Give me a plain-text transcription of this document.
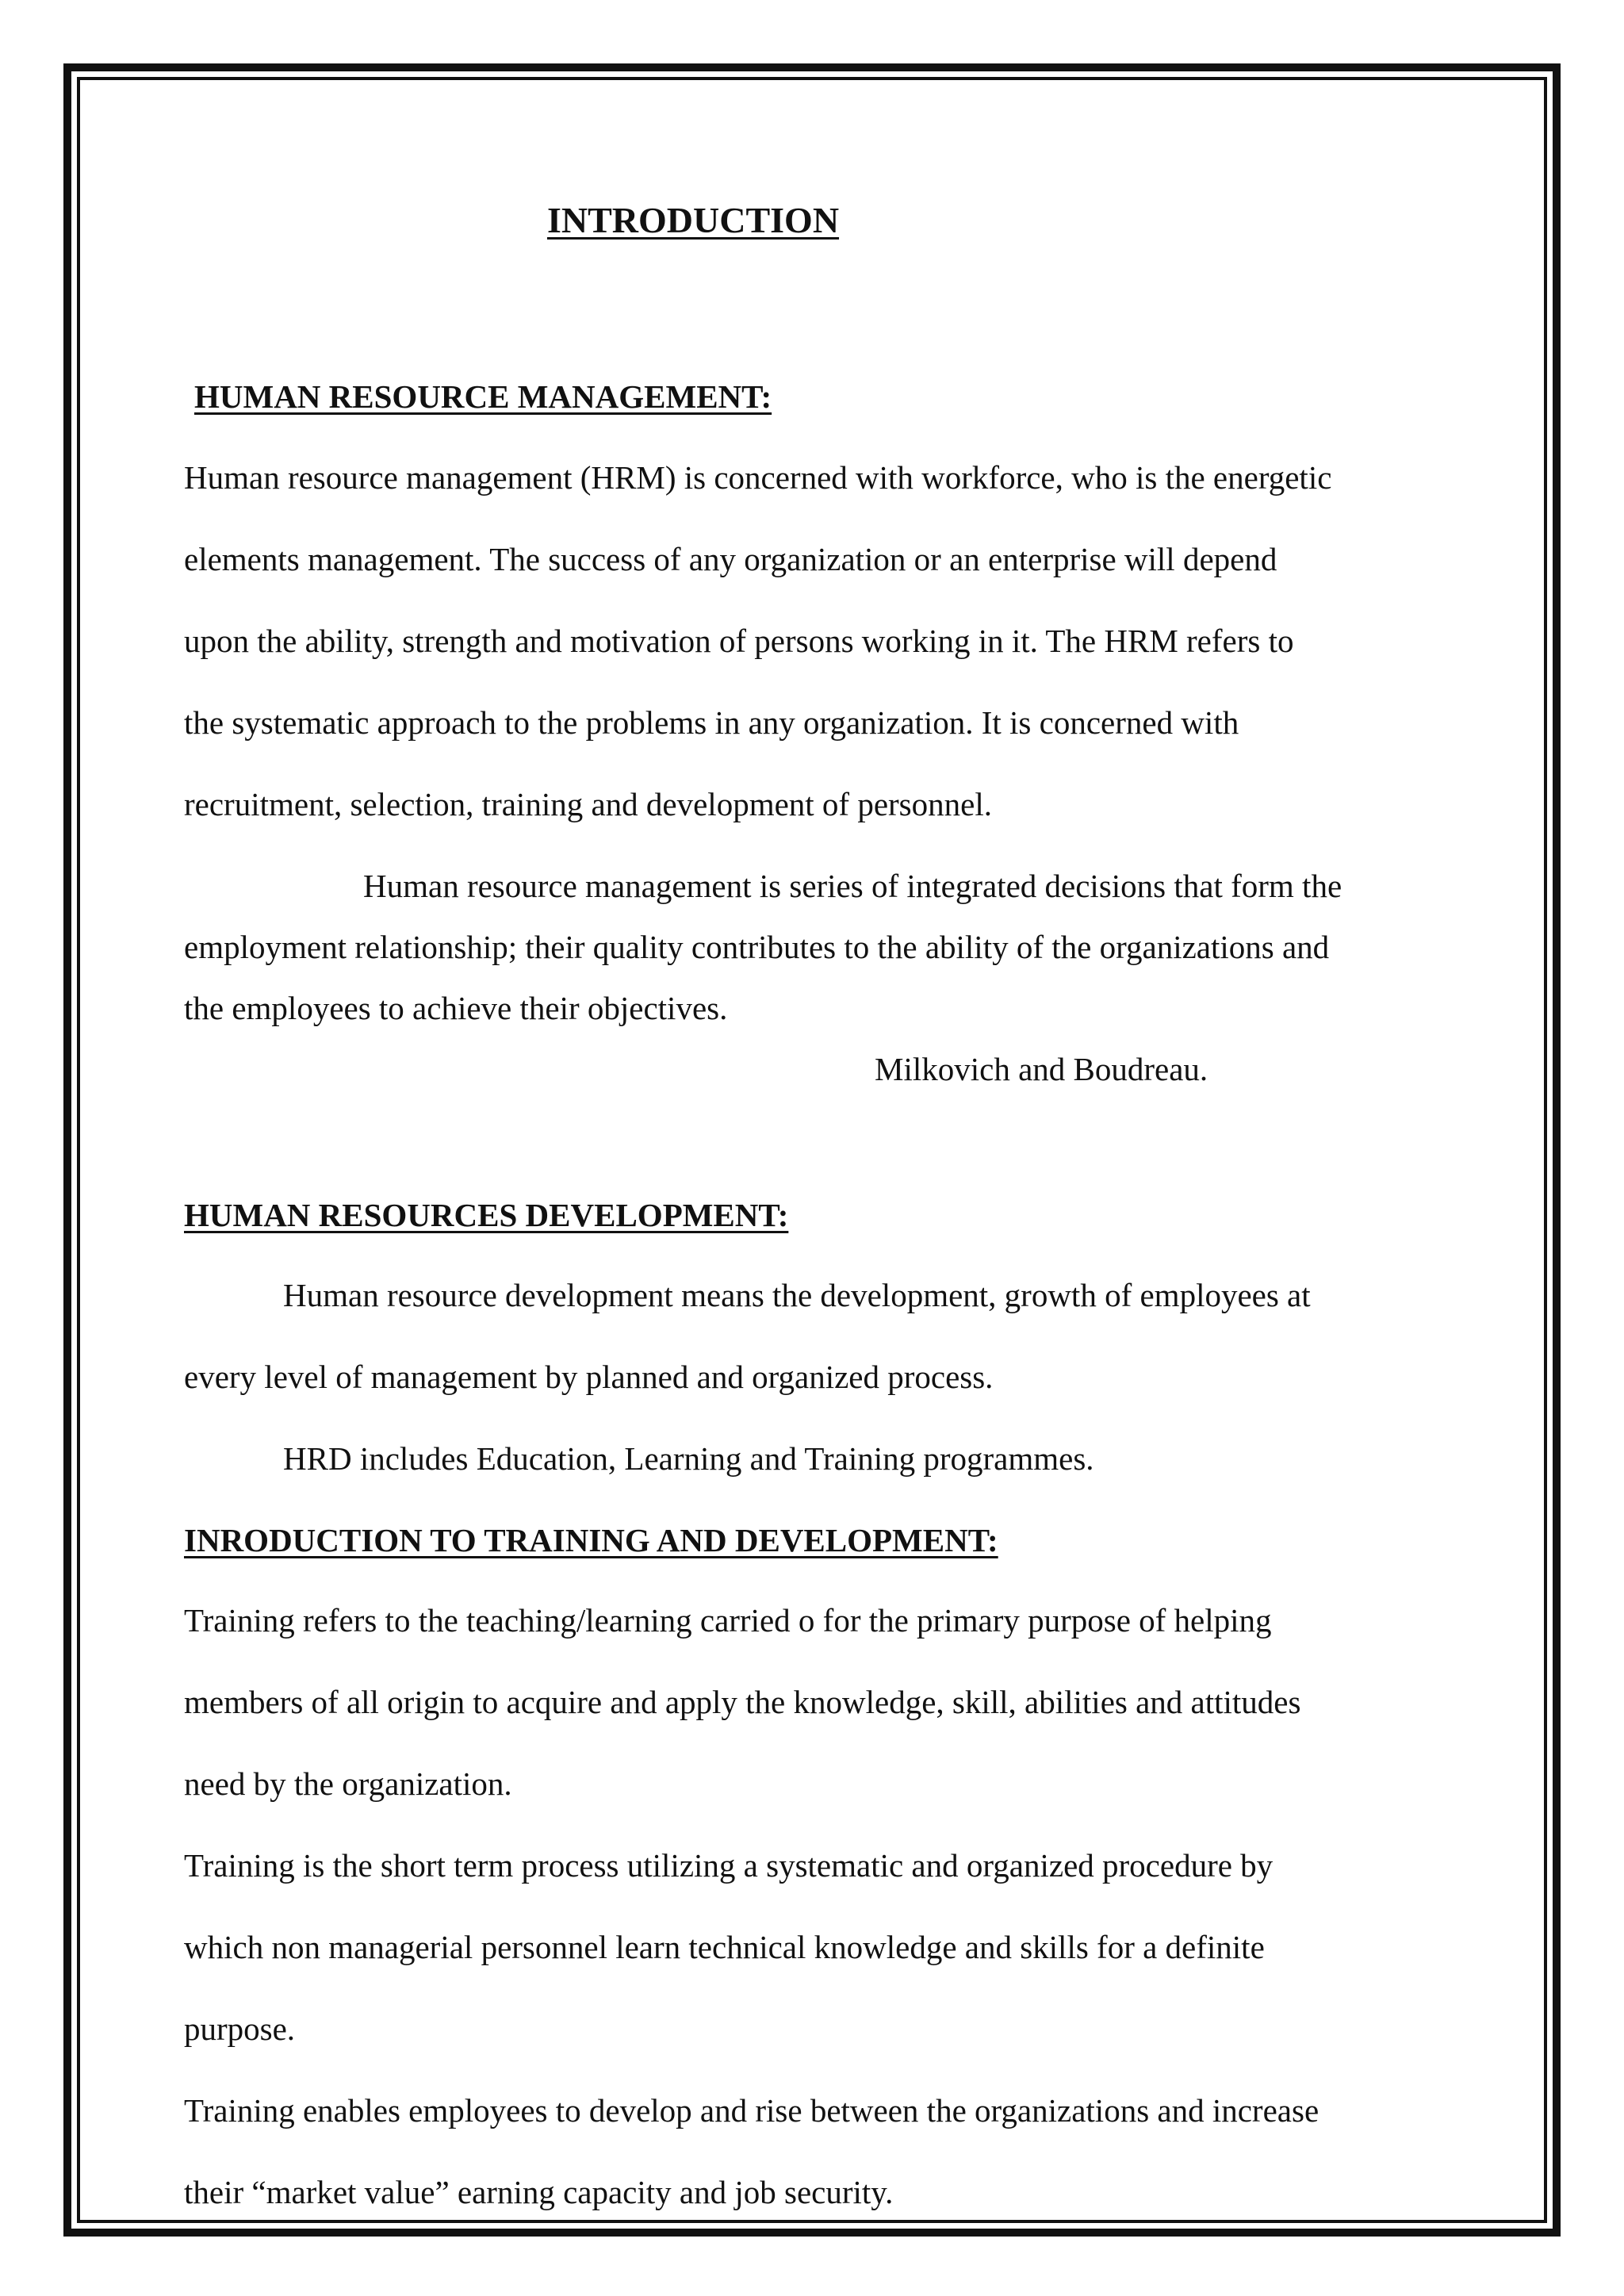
INTRODUCTION
HUMAN RESOURCE MANAGEMENT:

Human resource management (HRM) is concerned with workforce, who is the energetic

elements management. The success of any organization or an enterprise will depend

upon the ability, strength and motivation of persons working in it. The HRM refers to

the systematic approach to the problems in any organization. It is concerned with

recruitment, selection, training and development of personnel.

Human resource management is series of integrated decisions that form the

employment relationship; their quality contributes to the ability of the organizations and

the employees to achieve their objectives.

Milkovich and Boudreau.

HUMAN RESOURCES DEVELOPMENT:

Human resource development means the development, growth of employees at

every level of management by planned and organized process.

HRD includes Education, Learning and Training programmes.

INRODUCTION TO TRAINING AND DEVELOPMENT:

Training refers to the teaching/learning carried o for the primary purpose of helping

members of all origin to acquire and apply the knowledge, skill, abilities and attitudes

need by the organization.

Training is the short term process utilizing a systematic and organized procedure by

which non managerial personnel learn technical knowledge and skills for a definite

purpose.

Training enables employees to develop and rise between the organizations and increase

their “market value” earning capacity and job security.
